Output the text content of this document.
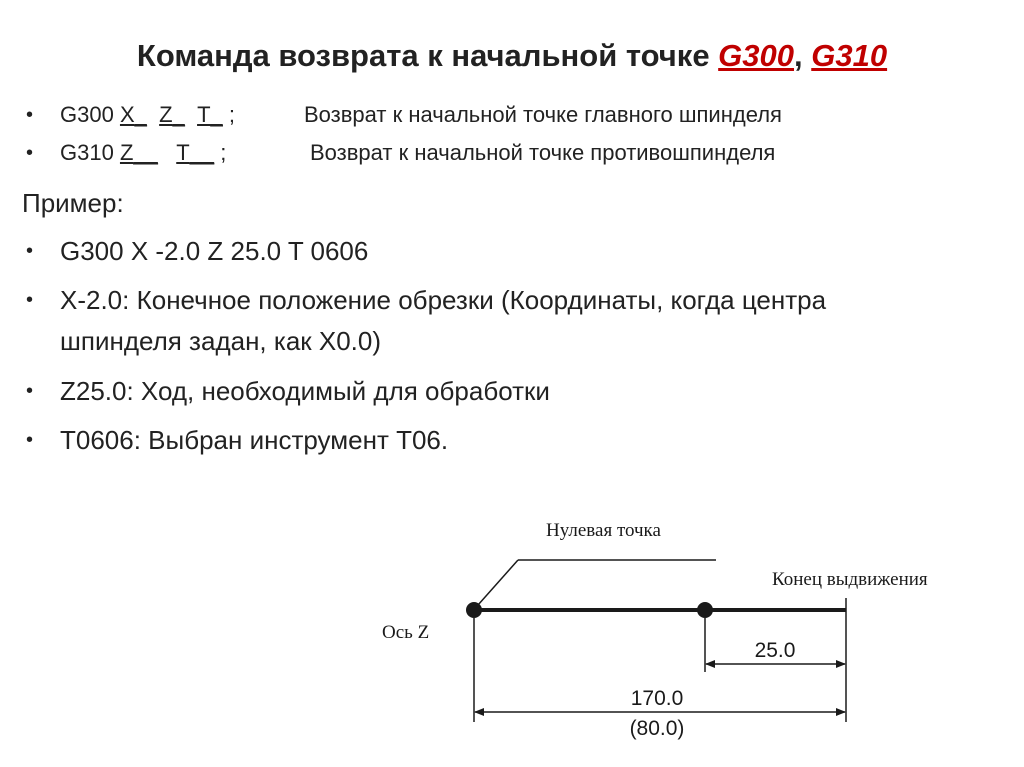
Команда возврата к начальной точке G300, G310
• G300 X_ Z_ T_ ;	Возврат к начальной точке главного шпинделя
• G310 Z__ T__ ;	Возврат к начальной точке противошпинделя
Пример:
• G300 X -2.0 Z 25.0 T 0606
• X-2.0: Конечное положение обрезки (Координаты, когда центра
шпинделя задан, как X0.0)
• Z25.0: Ход, необходимый для обработки
• T0606: Выбран инструмент T06.
Нулевая точка
Конец выдвижения
Ось Z
25.0
170.0
(80.0)
